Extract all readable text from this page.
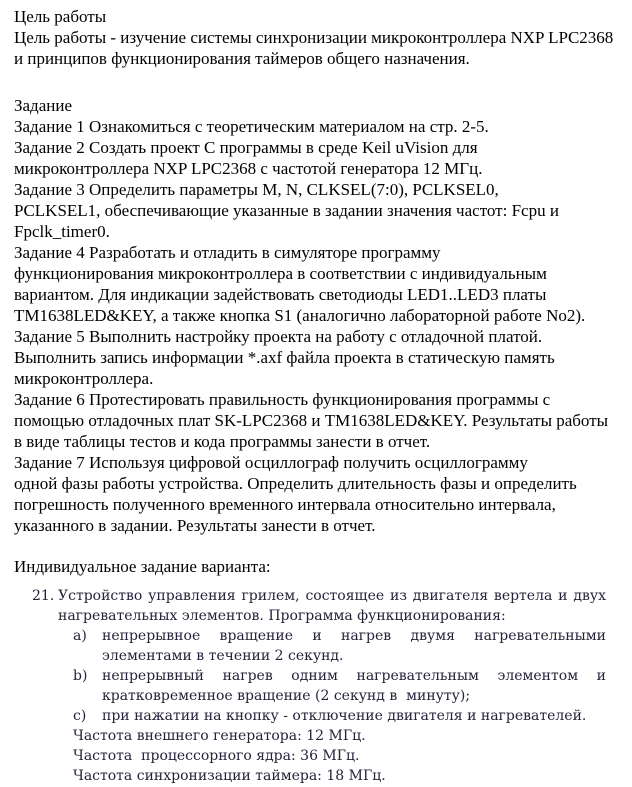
Цель работы
Цель работы - изучение системы синхронизации микроконтроллера NXP LPC2368
и принципов функционирования таймеров общего назначения.
Задание
Задание 1 Ознакомиться с теоретическим материалом на стр. 2-5.
Задание 2 Создать проект C программы в среде Keil uVision для
микроконтроллера NXP LPC2368 с частотой генератора 12 МГц.
Задание 3 Определить параметры M, N, CLKSEL(7:0), PCLKSEL0,
PCLKSEL1, обеспечивающие указанные в задании значения частот: Fcpu и
Fpclk_timer0.
Задание 4 Разработать и отладить в симуляторе программу
функционирования микроконтроллера в соответствии с индивидуальным
вариантом. Для индикации задействовать светодиоды LED1..LED3 платы
TM1638LED&KEY, а также кнопка S1 (аналогично лабораторной работе No2).
Задание 5 Выполнить настройку проекта на работу с отладочной платой.
Выполнить запись информации *.axf файла проекта в статическую память
микроконтроллера.
Задание 6 Протестировать правильность функционирования программы с
помощью отладочных плат SK-LPC2368 и TM1638LED&KEY. Результаты работы
в виде таблицы тестов и кода программы занести в отчет.
Задание 7 Используя цифровой осциллограф получить осциллограмму
одной фазы работы устройства. Определить длительность фазы и определить
погрешность полученного временного интервала относительно интервала,
указанного в задании. Результаты занести в отчет.
Индивидуальное задание варианта:
21. Устройство управления грилем, состоящее из двигателя вертела и двух
нагревательных элементов. Программа функционирования:
a)	непрерывное вращение и нагрев двумя нагревательными
элементами в течении 2 секунд.
b)	непрерывный нагрев одним нагревательным элементом и
кратковременное вращение (2 секунд в  минуту);
c)	при нажатии на кнопку - отключение двигателя и нагревателей.
Частота внешнего генератора: 12 МГц.
Частота  процессорного ядра: 36 МГц.
Частота синхронизации таймера: 18 МГц.
